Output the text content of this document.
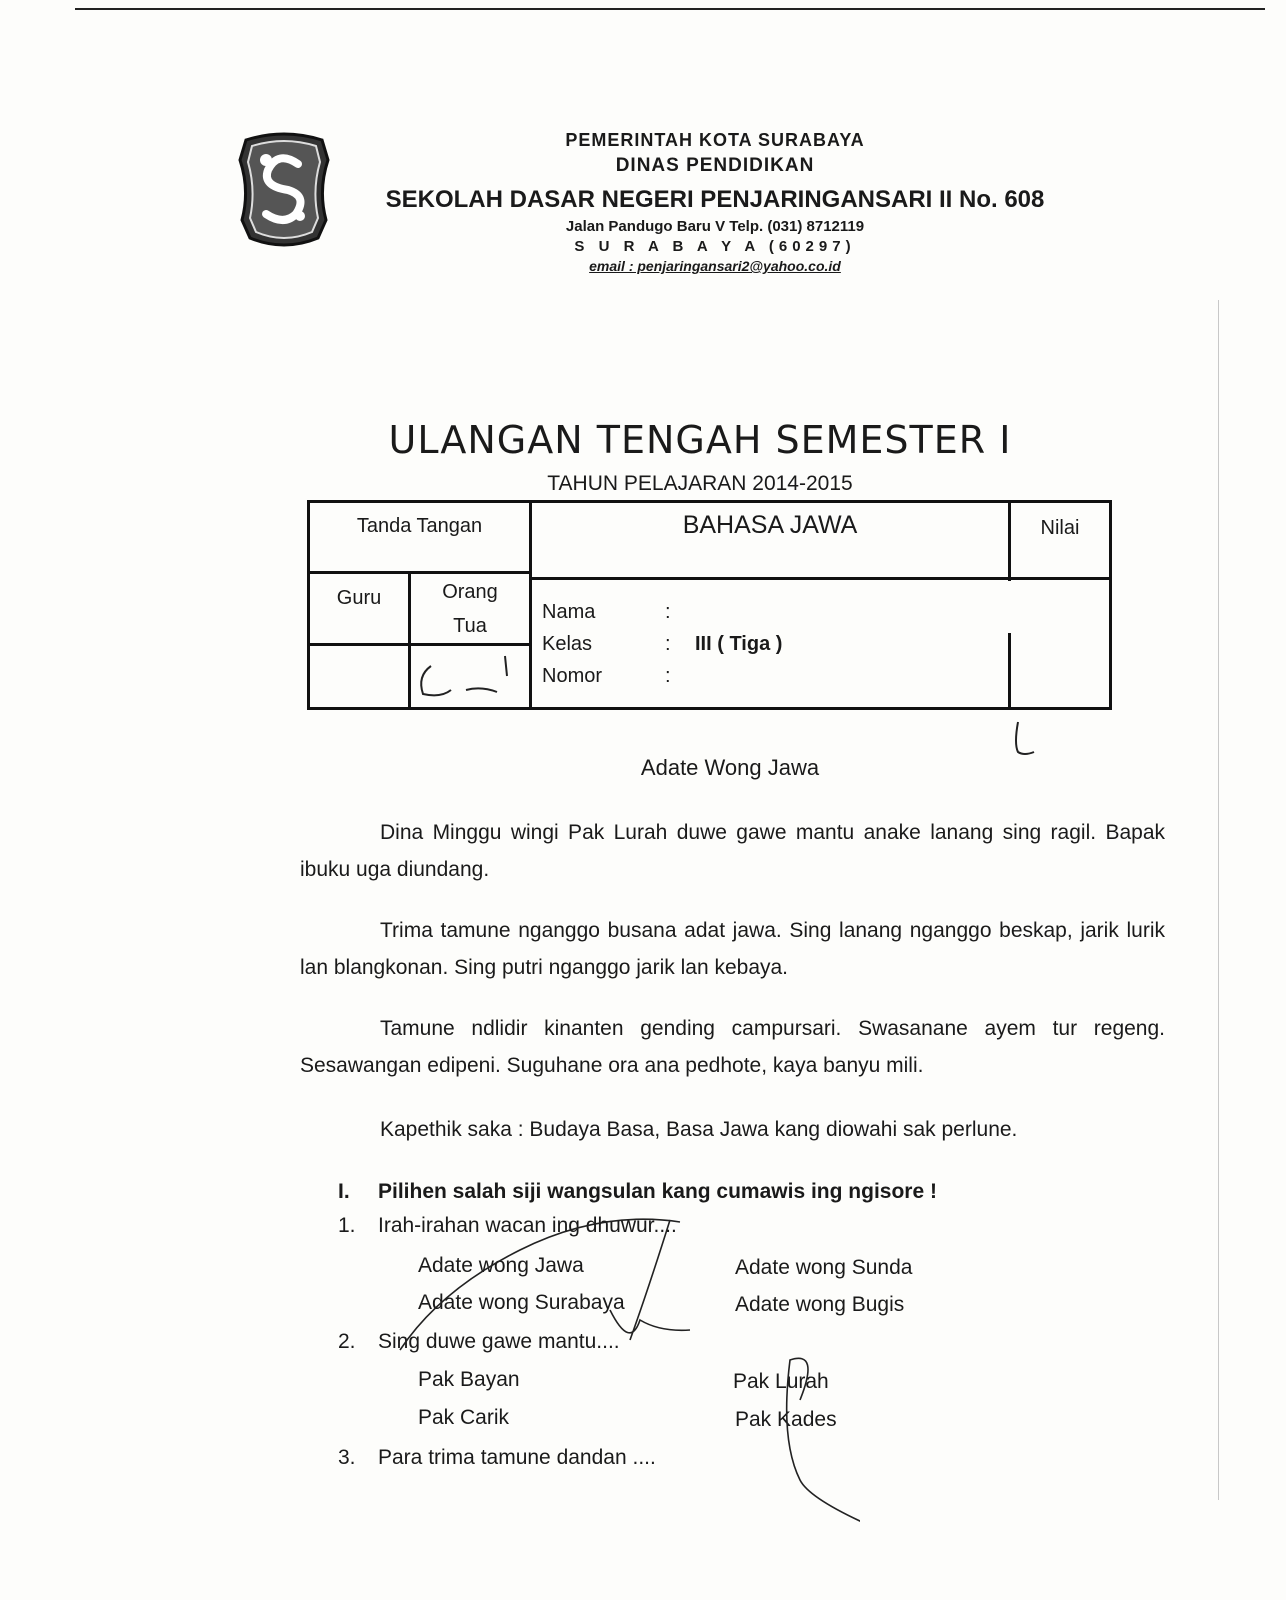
PEMERINTAH KOTA SURABAYA
DINAS PENDIDIKAN
SEKOLAH DASAR NEGERI PENJARINGANSARI II No. 608
Jalan Pandugo Baru V Telp. (031) 8712119
S U R A B A Y A (60297)
email : penjaringansari2@yahoo.co.id
ULANGAN TENGAH SEMESTER I
TAHUN PELAJARAN 2014-2015
Tanda Tangan	BAHASA JAWA	Nilai
Guru	Orang
Tua
Nama	:
Kelas	: III ( Tiga )
Nomor	:
Adate Wong Jawa
Dina Minggu wingi Pak Lurah duwe gawe mantu anake lanang sing ragil. Bapak ibuku uga diundang.
Trima tamune nganggo busana adat jawa. Sing lanang nganggo beskap, jarik lurik lan blangkonan. Sing putri nganggo jarik lan kebaya.
Tamune ndlidir kinanten gending campursari. Swasanane ayem tur regeng. Sesawangan edipeni. Suguhane ora ana pedhote, kaya banyu mili.
Kapethik saka : Budaya Basa, Basa Jawa kang diowahi sak perlune.
I. Pilihen salah siji wangsulan kang cumawis ing ngisore !
1. Irah-irahan wacan ing dhuwur....
Adate wong Jawa	Adate wong Sunda
Adate wong Surabaya	Adate wong Bugis
2. Sing duwe gawe mantu....
Pak Bayan	Pak Lurah
Pak Carik	Pak Kades
3. Para trima tamune dandan ....
